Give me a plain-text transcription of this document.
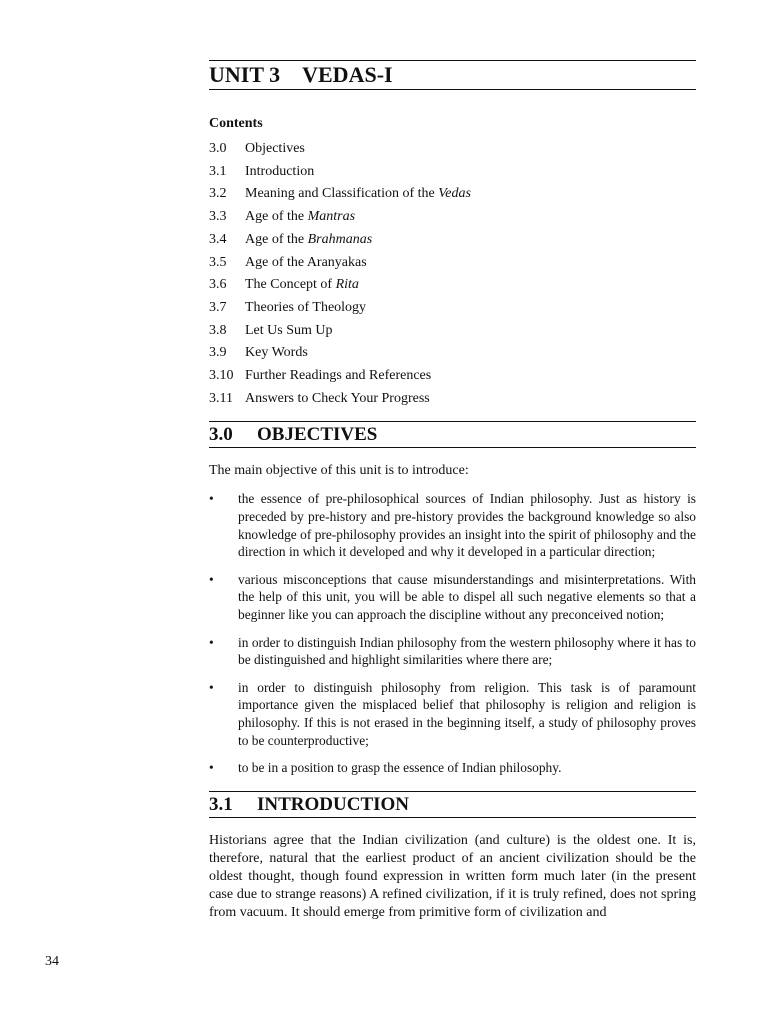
UNIT 3 VEDAS-I
Contents
3.0	Objectives
3.1	Introduction
3.2	Meaning and Classification of the Vedas
3.3	Age of the Mantras
3.4	Age of the Brahmanas
3.5	Age of the Aranyakas
3.6	The Concept of Rita
3.7	Theories of Theology
3.8	Let Us Sum Up
3.9	Key Words
3.10 Further Readings and References
3.11 Answers to Check Your Progress
3.0 OBJECTIVES
The main objective of this unit is to introduce:
• the essence of pre-philosophical sources of Indian philosophy. Just as history is preceded by pre-history and pre-history provides the background knowledge so also knowledge of pre-philosophy provides an insight into the spirit of philosophy and the direction in which it developed and why it developed in a particular direction;
• various misconceptions that cause misunderstandings and misinterpretations. With the help of this unit, you will be able to dispel all such negative elements so that a beginner like you can approach the discipline without any preconceived notion;
• in order to distinguish Indian philosophy from the western philosophy where it has to be distinguished and highlight similarities where there are;
• in order to distinguish philosophy from religion. This task is of paramount importance given the misplaced belief that philosophy is religion and religion is philosophy. If this is not erased in the beginning itself, a study of philosophy proves to be counterproductive;
• to be in a position to grasp the essence of Indian philosophy.
3.1 INTRODUCTION
Historians agree that the Indian civilization (and culture) is the oldest one. It is, therefore, natural that the earliest product of an ancient civilization should be the oldest thought, though found expression in written form much later (in the present case due to strange reasons) A refined civilization, if it is truly refined, does not spring from vacuum. It should emerge from primitive form of civilization and
34
